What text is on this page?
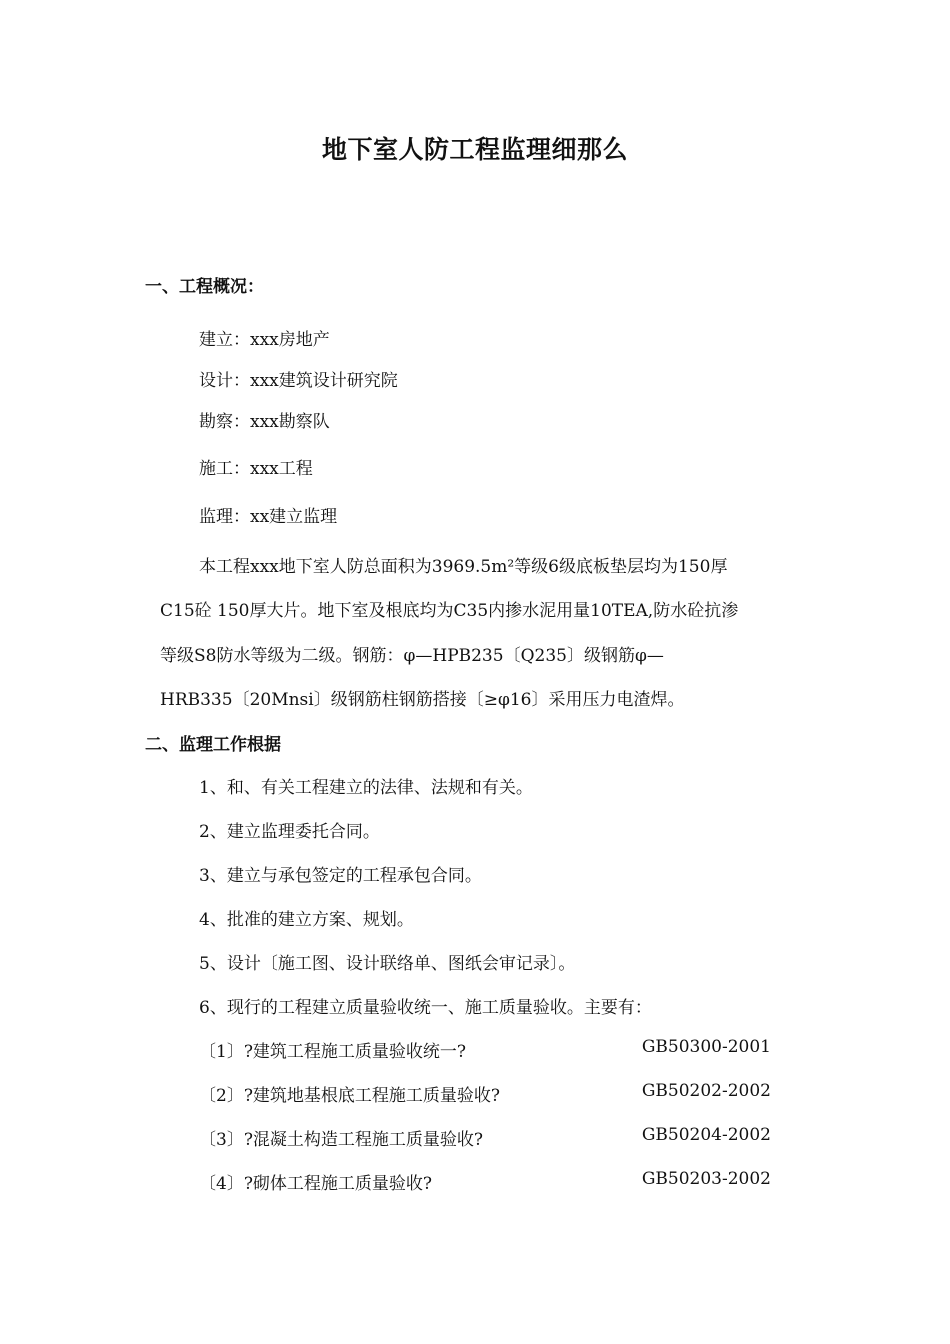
地下室人防工程监理细那么
一、工程概况：

建立：xxx房地产

设计：xxx建筑设计研究院

勘察：xxx勘察队

施工：xxx工程

监理：xx建立监理

本工程xxx地下室人防总面积为3969.5m²等级6级底板垫层均为150厚

C15砼 150厚大片。地下室及根底均为C35内掺水泥用量10TEA,防水砼抗渗

等级S8防水等级为二级。钢筋：φ—HPB235〔Q235〕级钢筋φ—

HRB335〔20Mnsi〕级钢筋柱钢筋搭接〔≥φ16〕采用压力电渣焊。

二、监理工作根据

1、和、有关工程建立的法律、法规和有关。

2、建立监理委托合同。

3、建立与承包签定的工程承包合同。

4、批准的建立方案、规划。

5、设计〔施工图、设计联络单、图纸会审记录〕。

6、现行的工程建立质量验收统一、施工质量验收。主要有：

〔1〕?建筑工程施工质量验收统一?	GB50300-2001
〔2〕?建筑地基根底工程施工质量验收?	GB50202-2002
〔3〕?混凝土构造工程施工质量验收?	GB50204-2002
〔4〕?砌体工程施工质量验收?	GB50203-2002
